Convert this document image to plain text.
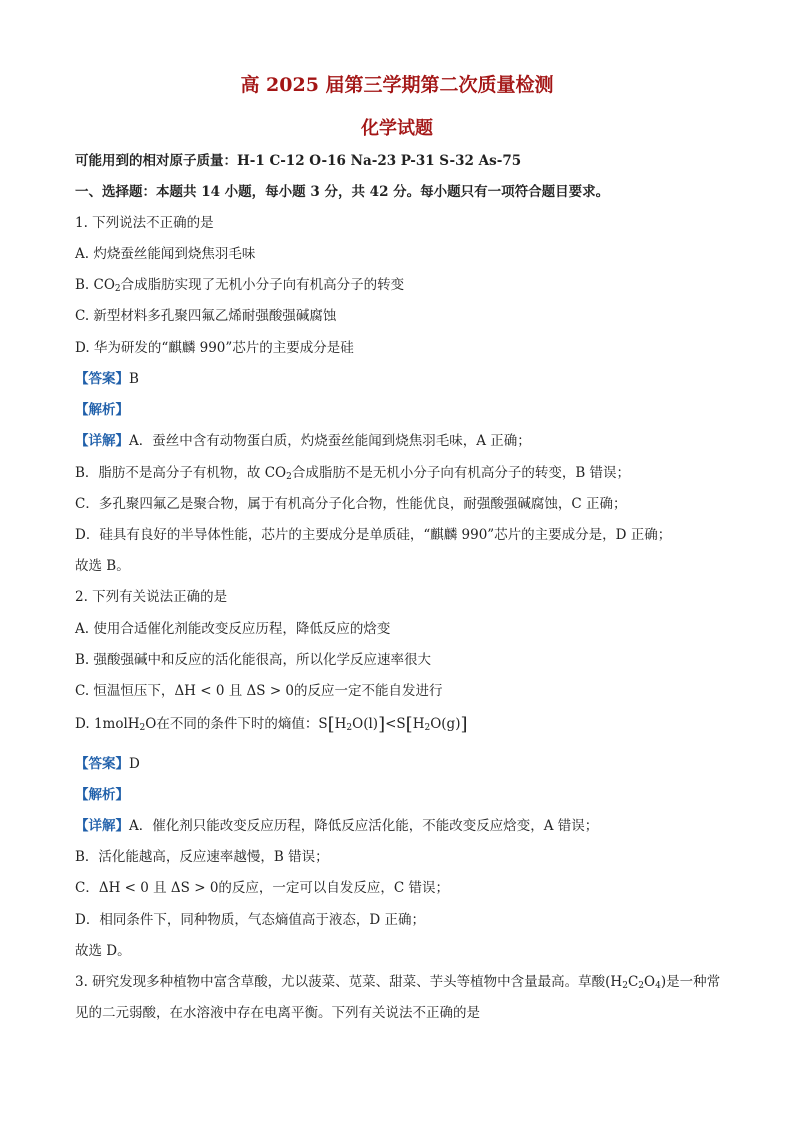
高 2025 届第三学期第二次质量检测
化学试题
可能用到的相对原子质量：H-1 C-12 O-16 Na-23 P-31 S-32 As-75
一、选择题：本题共 14 小题，每小题 3 分，共 42 分。每小题只有一项符合题目要求。
1. 下列说法不正确的是
A. 灼烧蚕丝能闻到烧焦羽毛味
B. $CO_2$合成脂肪实现了无机小分子向有机高分子的转变
C. 新型材料多孔聚四氟乙烯耐强酸强碱腐蚀
D. 华为研发的“麒麟 990”芯片的主要成分是硅
【答案】B
【解析】
【详解】A．蚕丝中含有动物蛋白质，灼烧蚕丝能闻到烧焦羽毛味，A 正确；
B．脂肪不是高分子有机物，故 $CO_2$合成脂肪不是无机小分子向有机高分子的转变，B 错误；
C．多孔聚四氟乙是聚合物，属于有机高分子化合物，性能优良，耐强酸强碱腐蚀，C 正确；
D．硅具有良好的半导体性能，芯片的主要成分是单质硅，“麒麟 990”芯片的主要成分是，D 正确；
故选 B。
2. 下列有关说法正确的是
A. 使用合适催化剂能改变反应历程，降低反应的焓变
B. 强酸强碱中和反应的活化能很高，所以化学反应速率很大
C. 恒温恒压下，ΔH < 0 且 ΔS > 0的反应一定不能自发进行
D. 1molH$_2$O在不同的条件下时的熵值：$S[H_2O(l)]<S[H_2O(g)]$
【答案】D
【解析】
【详解】A．催化剂只能改变反应历程，降低反应活化能，不能改变反应焓变，A 错误；
B．活化能越高，反应速率越慢，B 错误；
C．ΔH < 0 且 ΔS > 0的反应，一定可以自发反应，C 错误；
D．相同条件下，同种物质，气态熵值高于液态，D 正确；
故选 D。
3. 研究发现多种植物中富含草酸，尤以菠菜、苋菜、甜菜、芋头等植物中含量最高。草酸$(H_2C_2O_4)$是一种常
见的二元弱酸，在水溶液中存在电离平衡。下列有关说法不正确的是
